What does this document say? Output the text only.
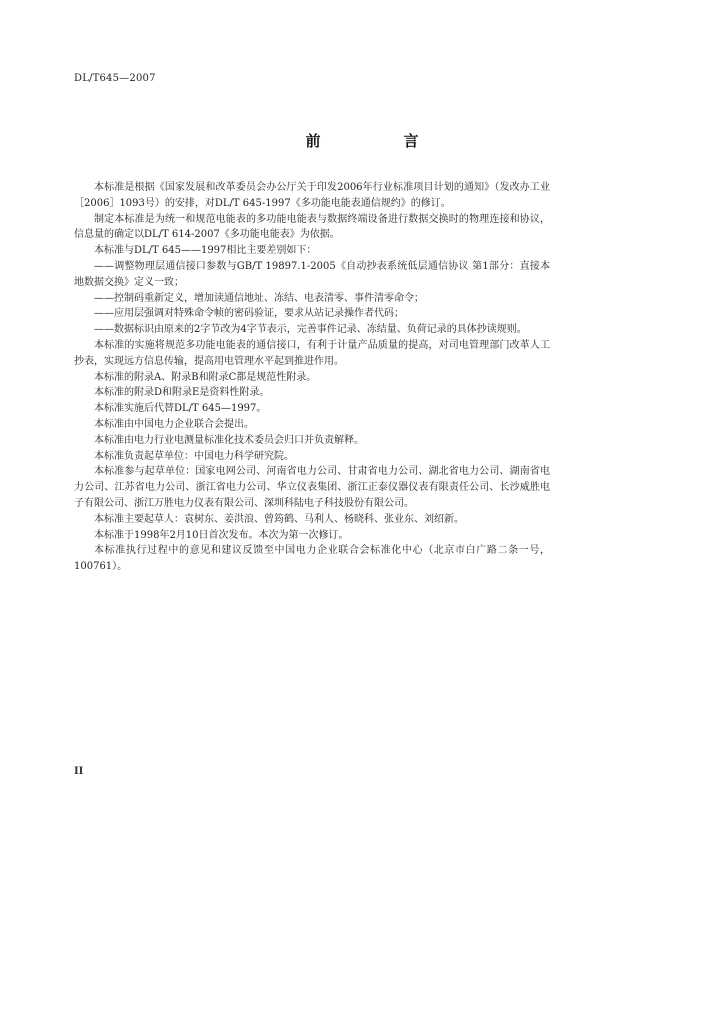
DL/T645—2007
前　言

本标准是根据《国家发展和改革委员会办公厅关于印发2006年行业标准项目计划的通知》（发改办工业［2006］1093号）的安排，对DL/T 645-1997《多功能电能表通信规约》的修订。

制定本标准是为统一和规范电能表的多功能电能表与数据终端设备进行数据交换时的物理连接和协议，信息量的确定以DL/T 614-2007《多功能电能表》为依据。

本标准与DL/T 645——1997相比主要差别如下：

——调整物理层通信接口参数与GB/T 19897.1-2005《自动抄表系统低层通信协议 第1部分：直接本地数据交换》定义一致；

——控制码重新定义，增加读通信地址、冻结、电表清零、事件清零命令；

——应用层强调对特殊命令帧的密码验证，要求从站记录操作者代码；

——数据标识由原来的2字节改为4字节表示，完善事件记录、冻结量、负荷记录的具体抄读规则。

本标准的实施将规范多功能电能表的通信接口，有利于计量产品质量的提高，对司电管理部门改革人工抄表，实现远方信息传输，提高用电管理水平起到推进作用。

本标准的附录A、附录B和附录C都是规范性附录。

本标准的附录D和附录E是资料性附录。

本标准实施后代替DL/T 645—1997。

本标准由中国电力企业联合会提出。

本标准由电力行业电测量标准化技术委员会归口并负责解释。

本标准负责起草单位：中国电力科学研究院。

本标准参与起草单位：国家电网公司、河南省电力公司、甘肃省电力公司、湖北省电力公司、湖南省电力公司、江苏省电力公司、浙江省电力公司、华立仪表集团、浙江正泰仪器仪表有限责任公司、长沙威胜电子有限公司、浙江万胜电力仪表有限公司、深圳科陆电子科技股份有限公司。

本标准主要起草人：袁树东、姜洪浪、曾筠鹤、马利人、杨晓科、张业东、刘绍新。

本标准于1998年2月10日首次发布。本次为第一次修订。

本标准执行过程中的意见和建议反馈至中国电力企业联合会标准化中心（北京市白广路二条一号，100761）。

II
